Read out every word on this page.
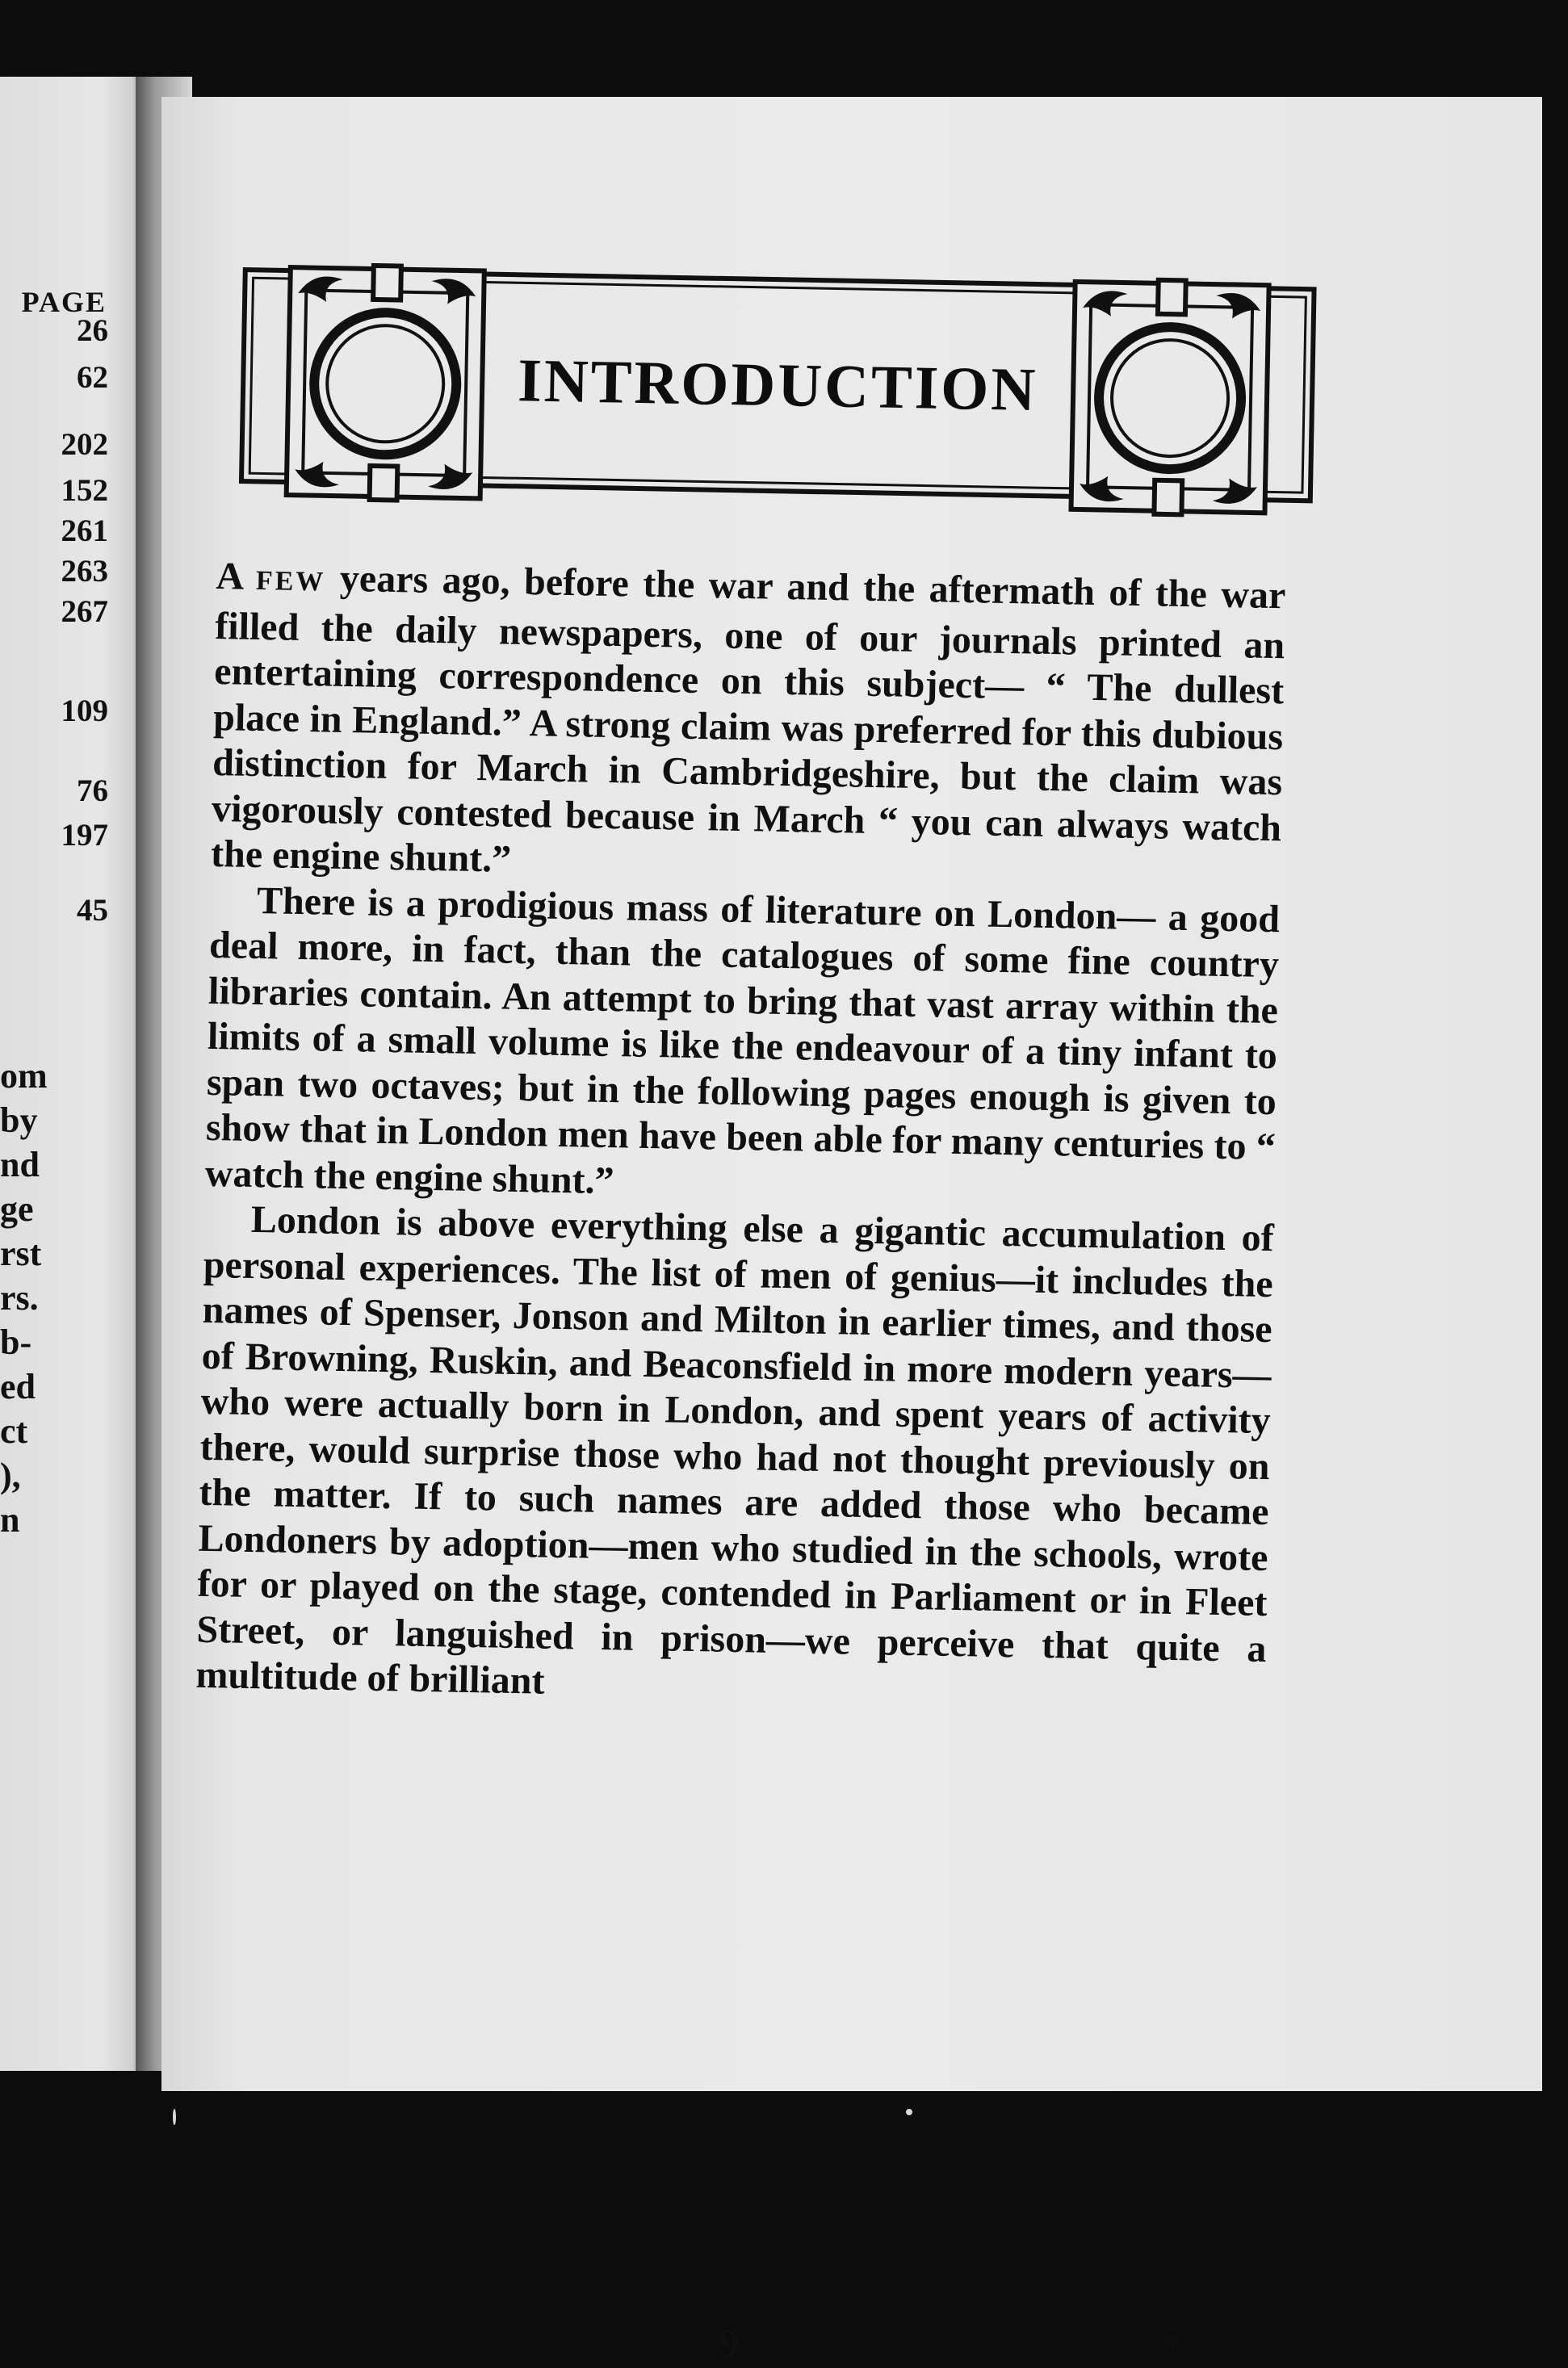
PAGE
26
62
202
152
261
263
267
109
76
197
45
om
by
nd
ge
rst
rs.
b-
ed
ct
),
n
INTRODUCTION

A FEW years ago, before the war and the aftermath of the war filled the daily newspapers, one of our journals printed an entertaining correspondence on this subject— “ The dullest place in England.” A strong claim was preferred for this dubious distinction for March in Cambridgeshire, but the claim was vigorously contested because in March “ you can always watch the engine shunt.”

There is a prodigious mass of literature on London— a good deal more, in fact, than the catalogues of some fine country libraries contain. An attempt to bring that vast array within the limits of a small volume is like the endeavour of a tiny infant to span two octaves; but in the following pages enough is given to show that in London men have been able for many centuries to “ watch the engine shunt.”

London is above everything else a gigantic accumulation of personal experiences. The list of men of genius—it includes the names of Spenser, Jonson and Milton in earlier times, and those of Browning, Ruskin, and Beaconsfield in more modern years—who were actually born in London, and spent years of activity there, would surprise those who had not thought previously on the matter. If to such names are added those who became Londoners by adoption—men who studied in the schools, wrote for or played on the stage, contended in Parliament or in Fleet Street, or languished in prison—we perceive that quite a multitude of brilliant

9	*
